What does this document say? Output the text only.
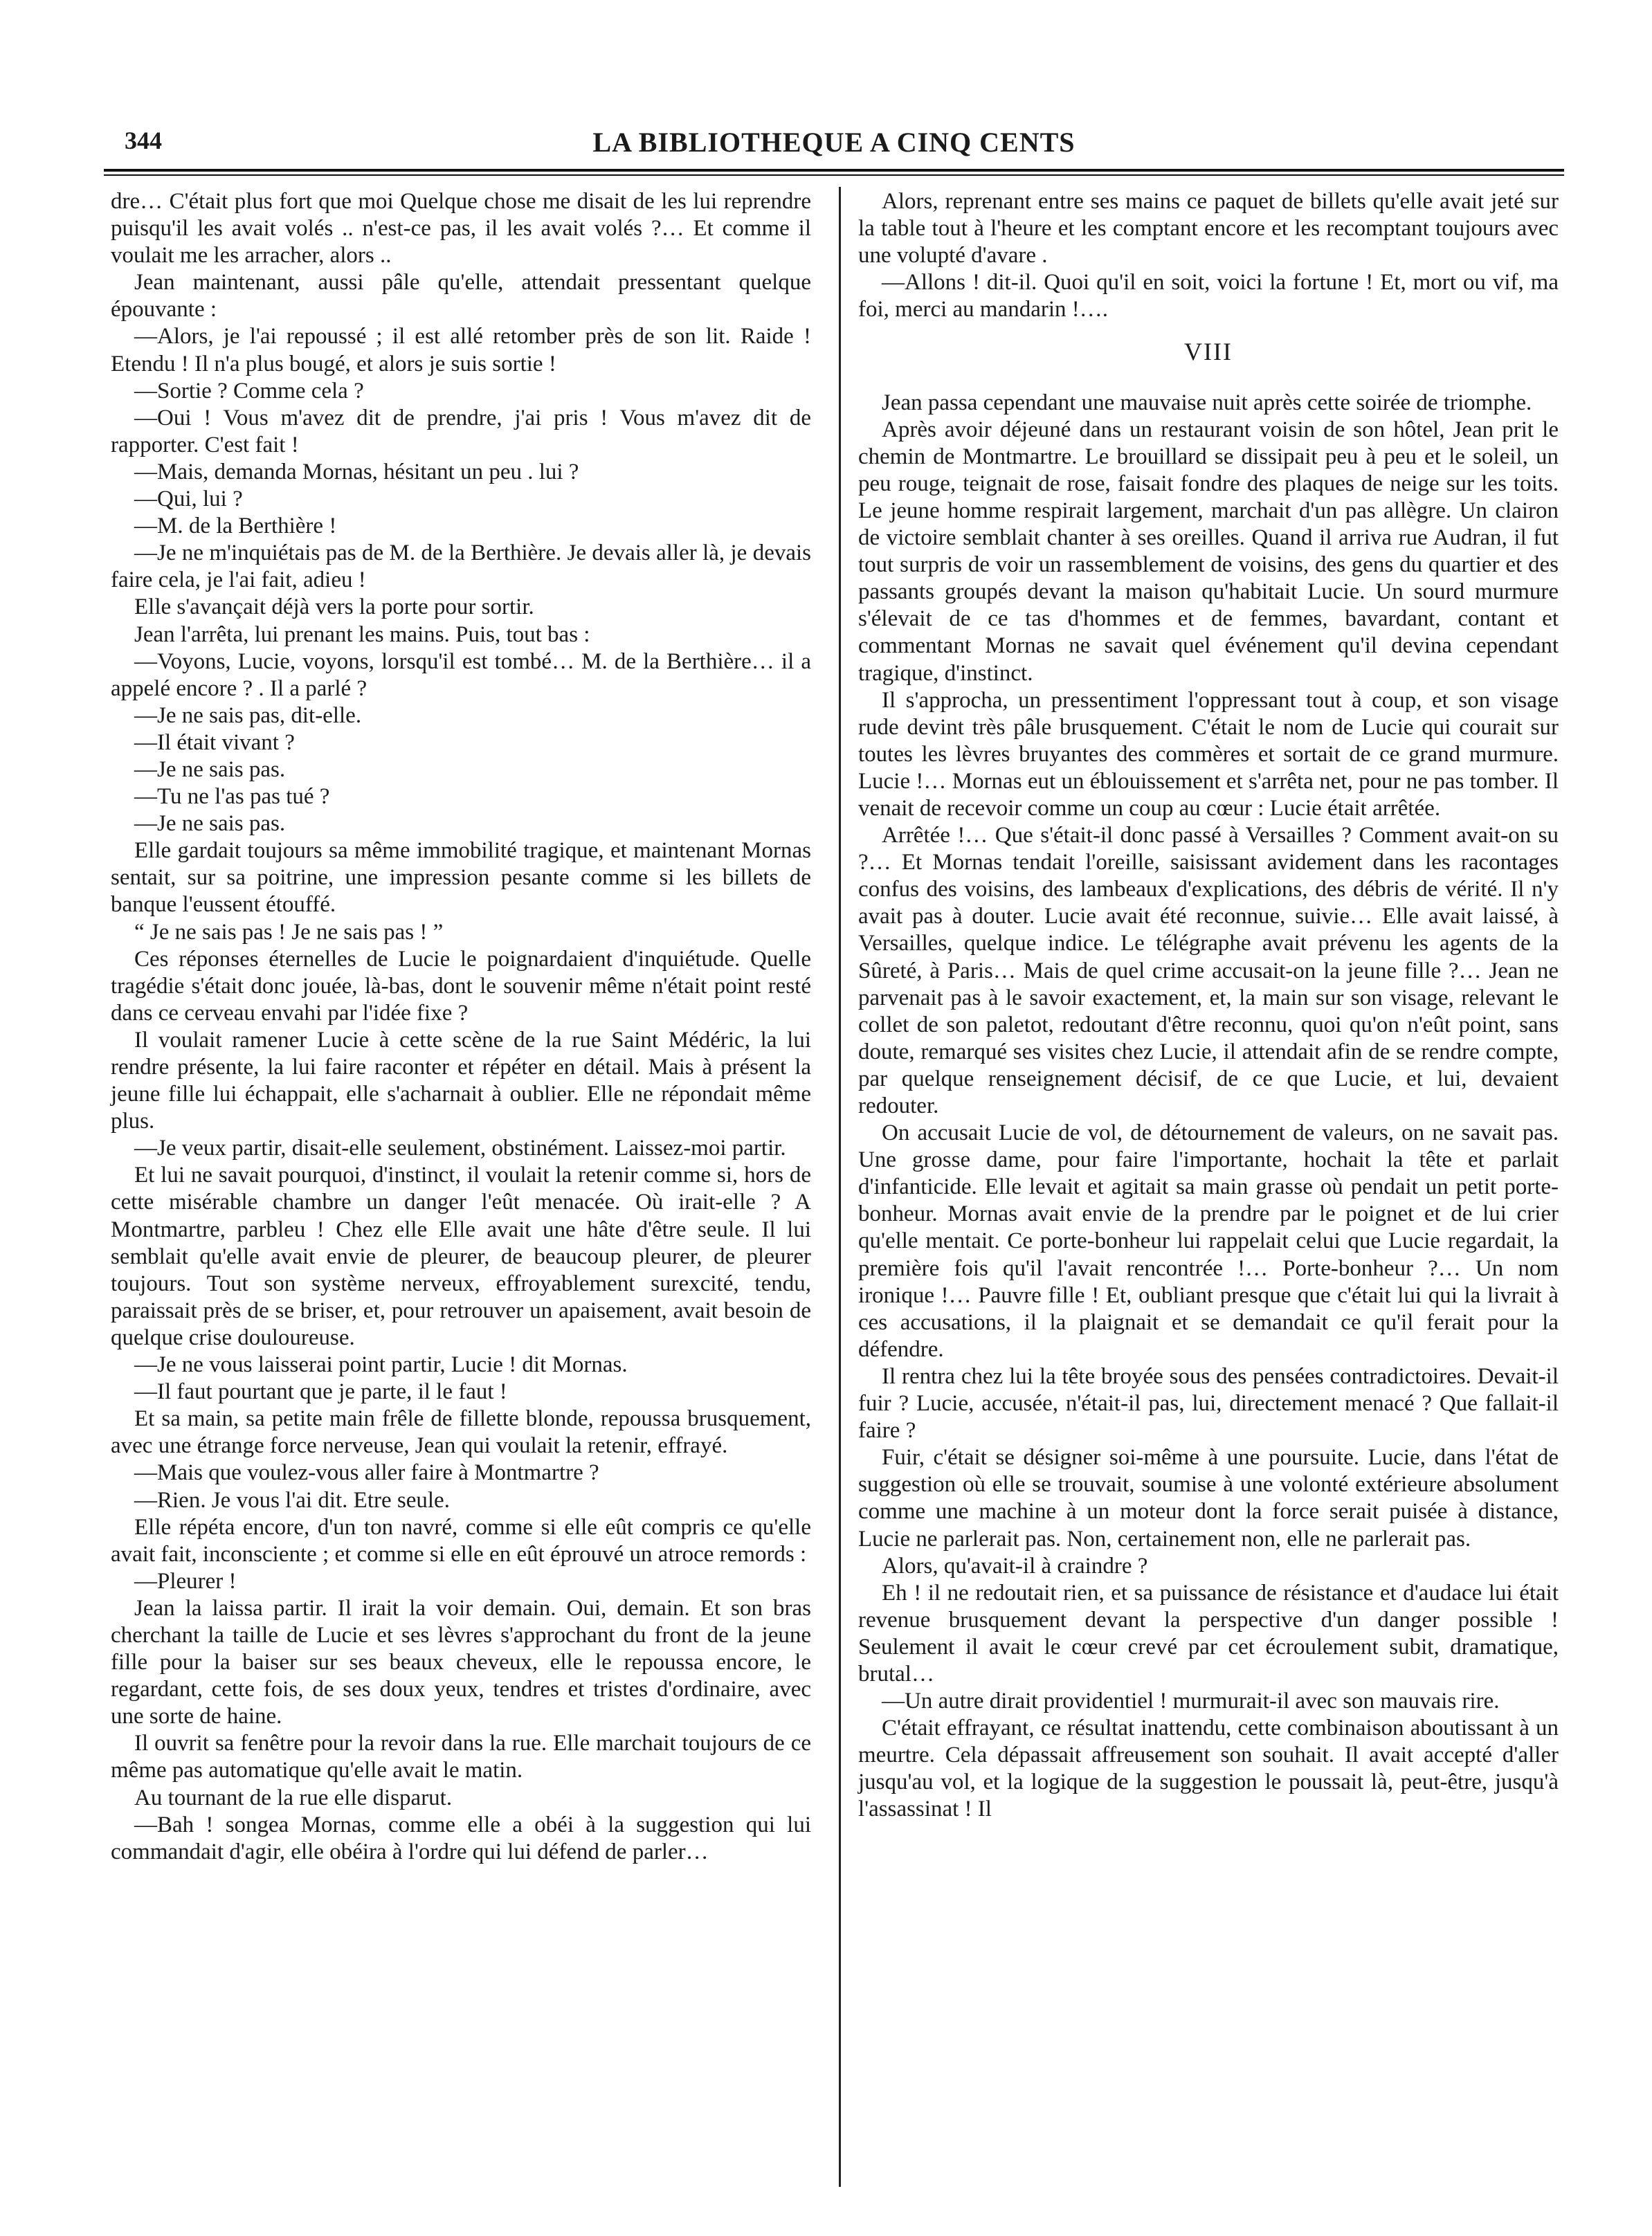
344	LA BIBLIOTHEQUE A CINQ CENTS

dre… C'était plus fort que moi Quelque chose me disait de les lui reprendre puisqu'il les avait volés .. n'est-ce pas, il les avait volés ?… Et comme il voulait me les arracher, alors ..

Jean maintenant, aussi pâle qu'elle, attendait pressentant quelque épouvante :

—Alors, je l'ai repoussé ; il est allé retomber près de son lit. Raide ! Etendu ! Il n'a plus bougé, et alors je suis sortie !

—Sortie ? Comme cela ?

—Oui ! Vous m'avez dit de prendre, j'ai pris ! Vous m'avez dit de rapporter. C'est fait !

—Mais, demanda Mornas, hésitant un peu . lui ?

—Qui, lui ?

—M. de la Berthière !

—Je ne m'inquiétais pas de M. de la Berthière. Je devais aller là, je devais faire cela, je l'ai fait, adieu !

Elle s'avançait déjà vers la porte pour sortir.

Jean l'arrêta, lui prenant les mains. Puis, tout bas :

—Voyons, Lucie, voyons, lorsqu'il est tombé… M. de la Berthière… il a appelé encore ? . Il a parlé ?

—Je ne sais pas, dit-elle.

—Il était vivant ?

—Je ne sais pas.

—Tu ne l'as pas tué ?

—Je ne sais pas.

Elle gardait toujours sa même immobilité tragique, et maintenant Mornas sentait, sur sa poitrine, une impression pesante comme si les billets de banque l'eussent étouffé.

“ Je ne sais pas ! Je ne sais pas ! ”

Ces réponses éternelles de Lucie le poignardaient d'inquiétude. Quelle tragédie s'était donc jouée, là-bas, dont le souvenir même n'était point resté dans ce cerveau envahi par l'idée fixe ?

Il voulait ramener Lucie à cette scène de la rue Saint Médéric, la lui rendre présente, la lui faire raconter et répéter en détail. Mais à présent la jeune fille lui échappait, elle s'acharnait à oublier. Elle ne répondait même plus.

—Je veux partir, disait-elle seulement, obstinément. Laissez-moi partir.

Et lui ne savait pourquoi, d'instinct, il voulait la retenir comme si, hors de cette misérable chambre un danger l'eût menacée. Où irait-elle ? A Montmartre, parbleu ! Chez elle Elle avait une hâte d'être seule. Il lui semblait qu'elle avait envie de pleurer, de beaucoup pleurer, de pleurer toujours. Tout son système nerveux, effroyablement surexcité, tendu, paraissait près de se briser, et, pour retrouver un apaisement, avait besoin de quelque crise douloureuse.

—Je ne vous laisserai point partir, Lucie ! dit Mornas.

—Il faut pourtant que je parte, il le faut !

Et sa main, sa petite main frêle de fillette blonde, repoussa brusquement, avec une étrange force nerveuse, Jean qui voulait la retenir, effrayé.

—Mais que voulez-vous aller faire à Montmartre ?

—Rien. Je vous l'ai dit. Etre seule.

Elle répéta encore, d'un ton navré, comme si elle eût compris ce qu'elle avait fait, inconsciente ; et comme si elle en eût éprouvé un atroce remords :

—Pleurer !

Jean la laissa partir. Il irait la voir demain. Oui, demain. Et son bras cherchant la taille de Lucie et ses lèvres s'approchant du front de la jeune fille pour la baiser sur ses beaux cheveux, elle le repoussa encore, le regardant, cette fois, de ses doux yeux, tendres et tristes d'ordinaire, avec une sorte de haine.

Il ouvrit sa fenêtre pour la revoir dans la rue. Elle marchait toujours de ce même pas automatique qu'elle avait le matin.

Au tournant de la rue elle disparut.

—Bah ! songea Mornas, comme elle a obéi à la suggestion qui lui commandait d'agir, elle obéira à l'ordre qui lui défend de parler…

Alors, reprenant entre ses mains ce paquet de billets qu'elle avait jeté sur la table tout à l'heure et les comptant encore et les recomptant toujours avec une volupté d'avare .

—Allons ! dit-il. Quoi qu'il en soit, voici la fortune ! Et, mort ou vif, ma foi, merci au mandarin !….

VIII

Jean passa cependant une mauvaise nuit après cette soirée de triomphe.

Après avoir déjeuné dans un restaurant voisin de son hôtel, Jean prit le chemin de Montmartre. Le brouillard se dissipait peu à peu et le soleil, un peu rouge, teignait de rose, faisait fondre des plaques de neige sur les toits. Le jeune homme respirait largement, marchait d'un pas allègre. Un clairon de victoire semblait chanter à ses oreilles. Quand il arriva rue Audran, il fut tout surpris de voir un rassemblement de voisins, des gens du quartier et des passants groupés devant la maison qu'habitait Lucie. Un sourd murmure s'élevait de ce tas d'hommes et de femmes, bavardant, contant et commentant Mornas ne savait quel événement qu'il devina cependant tragique, d'instinct.

Il s'approcha, un pressentiment l'oppressant tout à coup, et son visage rude devint très pâle brusquement. C'était le nom de Lucie qui courait sur toutes les lèvres bruyantes des commères et sortait de ce grand murmure. Lucie !… Mornas eut un éblouissement et s'arrêta net, pour ne pas tomber. Il venait de recevoir comme un coup au cœur : Lucie était arrêtée.

Arrêtée !… Que s'était-il donc passé à Versailles ? Comment avait-on su ?… Et Mornas tendait l'oreille, saisissant avidement dans les racontages confus des voisins, des lambeaux d'explications, des débris de vérité. Il n'y avait pas à douter. Lucie avait été reconnue, suivie… Elle avait laissé, à Versailles, quelque indice. Le télégraphe avait prévenu les agents de la Sûreté, à Paris… Mais de quel crime accusait-on la jeune fille ?… Jean ne parvenait pas à le savoir exactement, et, la main sur son visage, relevant le collet de son paletot, redoutant d'être reconnu, quoi qu'on n'eût point, sans doute, remarqué ses visites chez Lucie, il attendait afin de se rendre compte, par quelque renseignement décisif, de ce que Lucie, et lui, devaient redouter.

On accusait Lucie de vol, de détournement de valeurs, on ne savait pas. Une grosse dame, pour faire l'importante, hochait la tête et parlait d'infanticide. Elle levait et agitait sa main grasse où pendait un petit porte-bonheur. Mornas avait envie de la prendre par le poignet et de lui crier qu'elle mentait. Ce porte-bonheur lui rappelait celui que Lucie regardait, la première fois qu'il l'avait rencontrée !… Porte-bonheur ?… Un nom ironique !… Pauvre fille ! Et, oubliant presque que c'était lui qui la livrait à ces accusations, il la plaignait et se demandait ce qu'il ferait pour la défendre.

Il rentra chez lui la tête broyée sous des pensées contradictoires. Devait-il fuir ? Lucie, accusée, n'était-il pas, lui, directement menacé ? Que fallait-il faire ?

Fuir, c'était se désigner soi-même à une poursuite. Lucie, dans l'état de suggestion où elle se trouvait, soumise à une volonté extérieure absolument comme une machine à un moteur dont la force serait puisée à distance, Lucie ne parlerait pas. Non, certainement non, elle ne parlerait pas.

Alors, qu'avait-il à craindre ?

Eh ! il ne redoutait rien, et sa puissance de résistance et d'audace lui était revenue brusquement devant la perspective d'un danger possible ! Seulement il avait le cœur crevé par cet écroulement subit, dramatique, brutal…

—Un autre dirait providentiel ! murmurait-il avec son mauvais rire.

C'était effrayant, ce résultat inattendu, cette combinaison aboutissant à un meurtre. Cela dépassait affreusement son souhait. Il avait accepté d'aller jusqu'au vol, et la logique de la suggestion le poussait là, peut-être, jusqu'à l'assassinat ! Il
